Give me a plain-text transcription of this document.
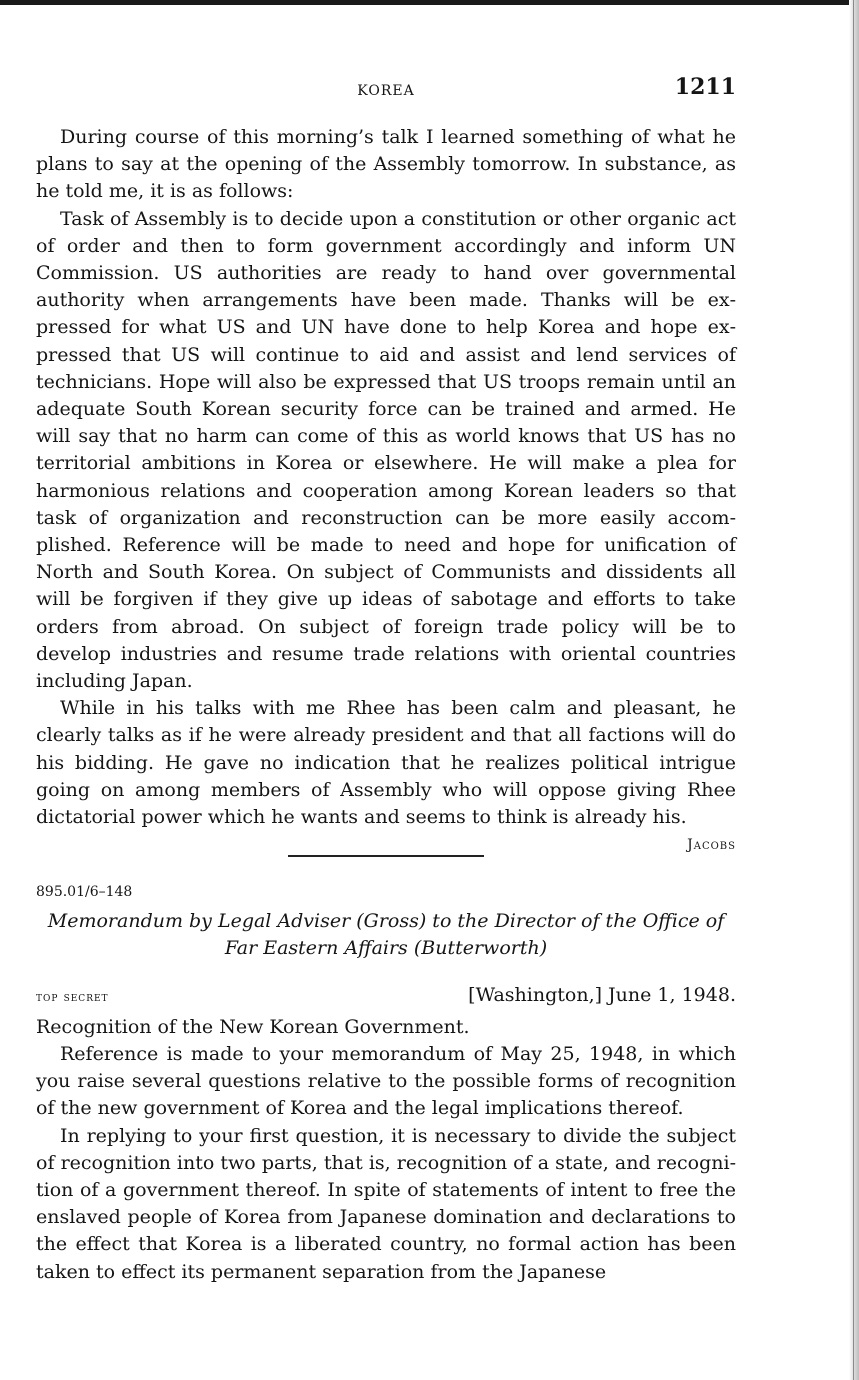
KOREA	1211

During course of this morning’s talk I learned something of what he plans to say at the opening of the Assembly tomorrow. In substance, as he told me, it is as follows:

Task of Assembly is to decide upon a constitution or other organic act of order and then to form government accordingly and inform UN Commission. US authorities are ready to hand over governmental authority when arrangements have been made. Thanks will be expressed for what US and UN have done to help Korea and hope expressed that US will continue to aid and assist and lend services of technicians. Hope will also be expressed that US troops remain until an adequate South Korean security force can be trained and armed. He will say that no harm can come of this as world knows that US has no territorial ambitions in Korea or elsewhere. He will make a plea for harmonious relations and cooperation among Korean leaders so that task of organization and reconstruction can be more easily accomplished. Reference will be made to need and hope for unification of North and South Korea. On subject of Communists and dissidents all will be forgiven if they give up ideas of sabotage and efforts to take orders from abroad. On subject of foreign trade policy will be to develop industries and resume trade relations with oriental countries including Japan.

While in his talks with me Rhee has been calm and pleasant, he clearly talks as if he were already president and that all factions will do his bidding. He gave no indication that he realizes political intrigue going on among members of Assembly who will oppose giving Rhee dictatorial power which he wants and seems to think is already his.

Jacobs
895.01/6–148
Memorandum by Legal Adviser (Gross) to the Director of the Office of Far Eastern Affairs (Butterworth)
top secret	[Washington,] June 1, 1948.
Recognition of the New Korean Government.

Reference is made to your memorandum of May 25, 1948, in which you raise several questions relative to the possible forms of recognition of the new government of Korea and the legal implications thereof.

In replying to your first question, it is necessary to divide the subject of recognition into two parts, that is, recognition of a state, and recognition of a government thereof. In spite of statements of intent to free the enslaved people of Korea from Japanese domination and declarations to the effect that Korea is a liberated country, no formal action has been taken to effect its permanent separation from the Japanese
